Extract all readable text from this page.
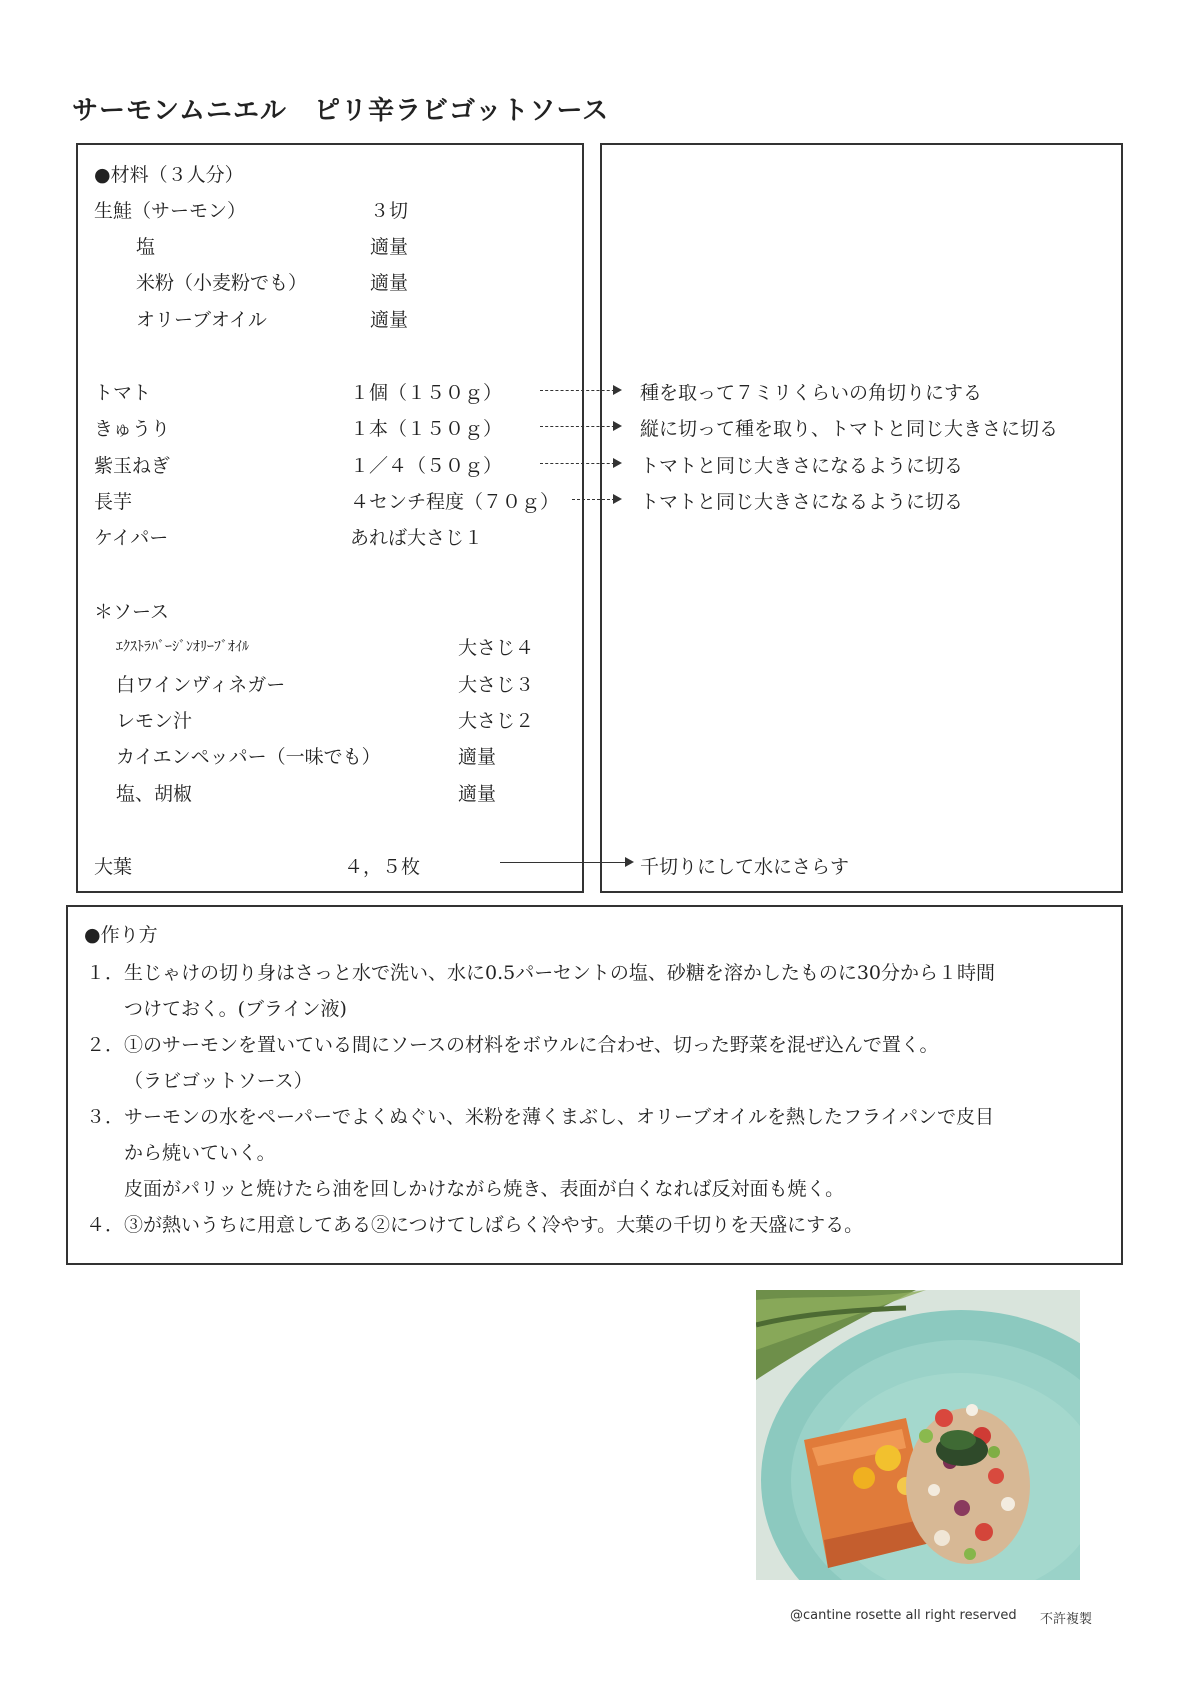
サーモンムニエル　ピリ辛ラビゴットソース
●材料（３人分）
生鮭（サーモン）	３切
塩	適量
米粉（小麦粉でも）	適量
オリーブオイル	適量
トマト	１個（１５０ｇ）
きゅうり	１本（１５０ｇ）
紫玉ねぎ	１／４（５０ｇ）
長芋	４センチ程度（７０ｇ）
ケイパー	あれば大さじ１
＊ソース
ｴｸｽﾄﾗﾊﾞｰｼﾞﾝｵﾘｰﾌﾞｵｲﾙ	大さじ４
白ワインヴィネガー	大さじ３
レモン汁	大さじ２
カイエンペッパー（一味でも）	適量
塩、胡椒	適量
大葉	４，５枚
種を取って７ミリくらいの角切りにする
縦に切って種を取り、トマトと同じ大きさに切る
トマトと同じ大きさになるように切る
トマトと同じ大きさになるように切る
千切りにして水にさらす
●作り方
１．生じゃけの切り身はさっと水で洗い、水に0.5パーセントの塩、砂糖を溶かしたものに30分から１時間
つけておく。(ブライン液)
２．①のサーモンを置いている間にソースの材料をボウルに合わせ、切った野菜を混ぜ込んで置く。
（ラビゴットソース）
３．サーモンの水をペーパーでよくぬぐい、米粉を薄くまぶし、オリーブオイルを熱したフライパンで皮目
から焼いていく。
皮面がパリッと焼けたら油を回しかけながら焼き、表面が白くなれば反対面も焼く。
４．③が熱いうちに用意してある②につけてしばらく冷やす。大葉の千切りを天盛にする。
@cantine rosette all right reserved 不許複製
